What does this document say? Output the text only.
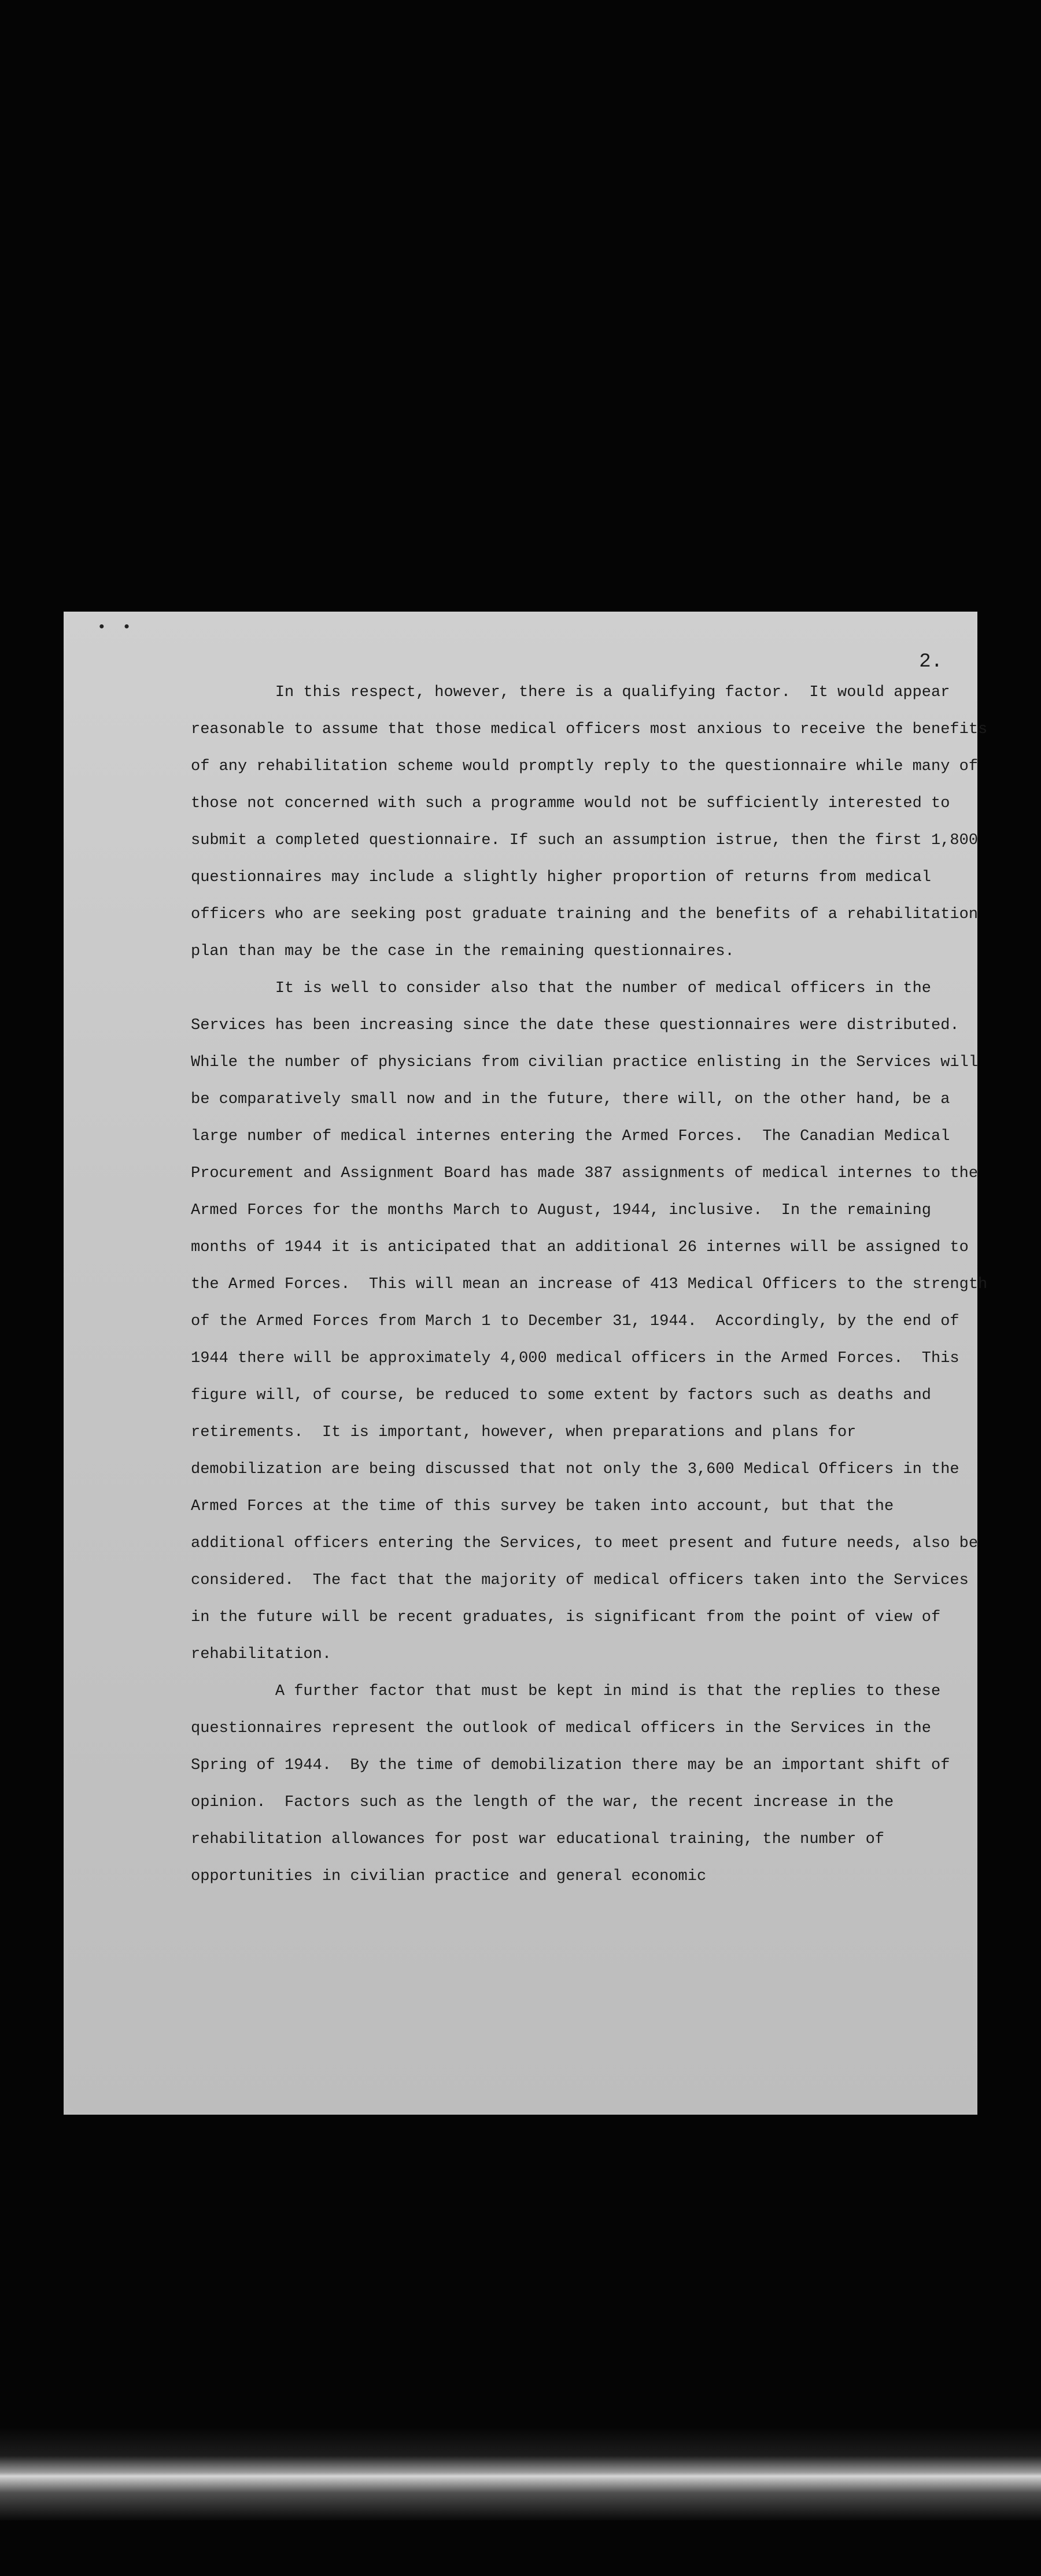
• •
2.

In this respect, however, there is a qualifying factor.  It would appear reasonable to assume that those medical officers most anxious to receive the benefits of any rehabilitation scheme would promptly reply to the questionnaire while many of those not concerned with such a programme would not be sufficiently interested to submit a completed questionnaire. If such an assumption istrue, then the first 1,800 questionnaires may include a slightly higher proportion of returns from medical officers who are seeking post graduate training and the benefits of a rehabilitation plan than may be the case in the remaining questionnaires.

It is well to consider also that the number of medical officers in the Services has been increasing since the date these questionnaires were distributed.  While the number of physicians from civilian practice enlisting in the Services will be comparatively small now and in the future, there will, on the other hand, be a large number of medical internes entering the Armed Forces.  The Canadian Medical Procurement and Assignment Board has made 387 assignments of medical internes to the Armed Forces for the months March to August, 1944, inclusive.  In the remaining months of 1944 it is anticipated that an additional 26 internes will be assigned to the Armed Forces.  This will mean an increase of 413 Medical Officers to the strength of the Armed Forces from March 1 to December 31, 1944.  Accordingly, by the end of 1944 there will be approximately 4,000 medical officers in the Armed Forces.  This figure will, of course, be reduced to some extent by factors such as deaths and retirements.  It is important, however, when preparations and plans for demobilization are being discussed that not only the 3,600 Medical Officers in the Armed Forces at the time of this survey be taken into account, but that the additional officers entering the Services, to meet present and future needs, also be considered.  The fact that the majority of medical officers taken into the Services in the future will be recent graduates, is significant from the point of view of rehabilitation.

A further factor that must be kept in mind is that the replies to these questionnaires represent the outlook of medical officers in the Services in the Spring of 1944.  By the time of demobilization there may be an important shift of opinion.  Factors such as the length of the war, the recent increase in the rehabilitation allowances for post war educational training, the number of opportunities in civilian practice and general economic
